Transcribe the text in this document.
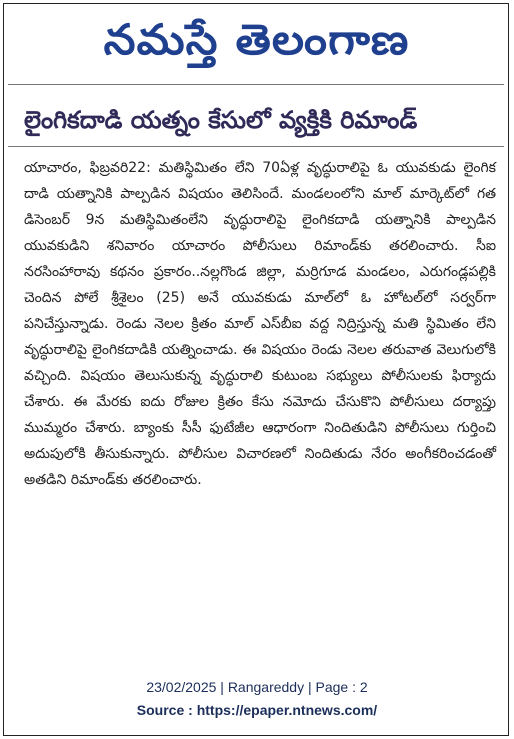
నమస్తే తెలంగాణ
లైంగికదాడి యత్నం కేసులో వ్యక్తికి రిమాండ్
యాచారం, ఫిబ్రవరి22: మతిస్థిమితం లేని 70ఏళ్ల వృద్ధురాలిపై ఓ యువకుడు లైంగిక దాడి యత్నానికి పాల్పడిన విషయం తెలిసిందే. మండలంలోని మాల్ మార్కెట్‌లో గత డిసెంబర్ 9న మతిస్థిమితంలేని వృద్ధురాలిపై లైంగికదాడి యత్నానికి పాల్పడిన యువకుడిని శనివారం యాచారం పోలీసులు రిమాండ్‌కు తరలించారు. సీఐ నరసింహారావు కథనం ప్రకారం..నల్లగొండ జిల్లా, మర్రిగూడ మండలం, ఎరుగండ్లపల్లికి చెందిన పోలే శ్రీశైలం (25) అనే యువకుడు మాల్‌లో ఓ హోటల్‌లో సర్వర్‌గా పనిచేస్తున్నాడు. రెండు నెలల క్రితం మాల్ ఎస్‌బీఐ వద్ద నిద్రిస్తున్న మతి స్థిమితం లేని వృద్ధురాలిపై లైంగికదాడికి యత్నించాడు. ఈ విషయం రెండు నెలల తరువాత వెలుగులోకి వచ్చింది. విషయం తెలుసుకున్న వృద్ధురాలి కుటుంబ సభ్యులు పోలీసులకు ఫిర్యాదు చేశారు. ఈ మేరకు ఐదు రోజుల క్రితం కేసు నమోదు చేసుకొని పోలీసులు దర్యాప్తు ముమ్మరం చేశారు. బ్యాంకు సీసీ ఫుటేజీల ఆధారంగా నిందితుడిని పోలీసులు గుర్తించి అదుపులోకి తీసుకున్నారు. పోలీసుల విచారణలో నిందితుడు నేరం అంగీకరించడంతో అతడిని రిమాండ్‌కు తరలించారు.
23/02/2025 | Rangareddy | Page : 2
Source : https://epaper.ntnews.com/
